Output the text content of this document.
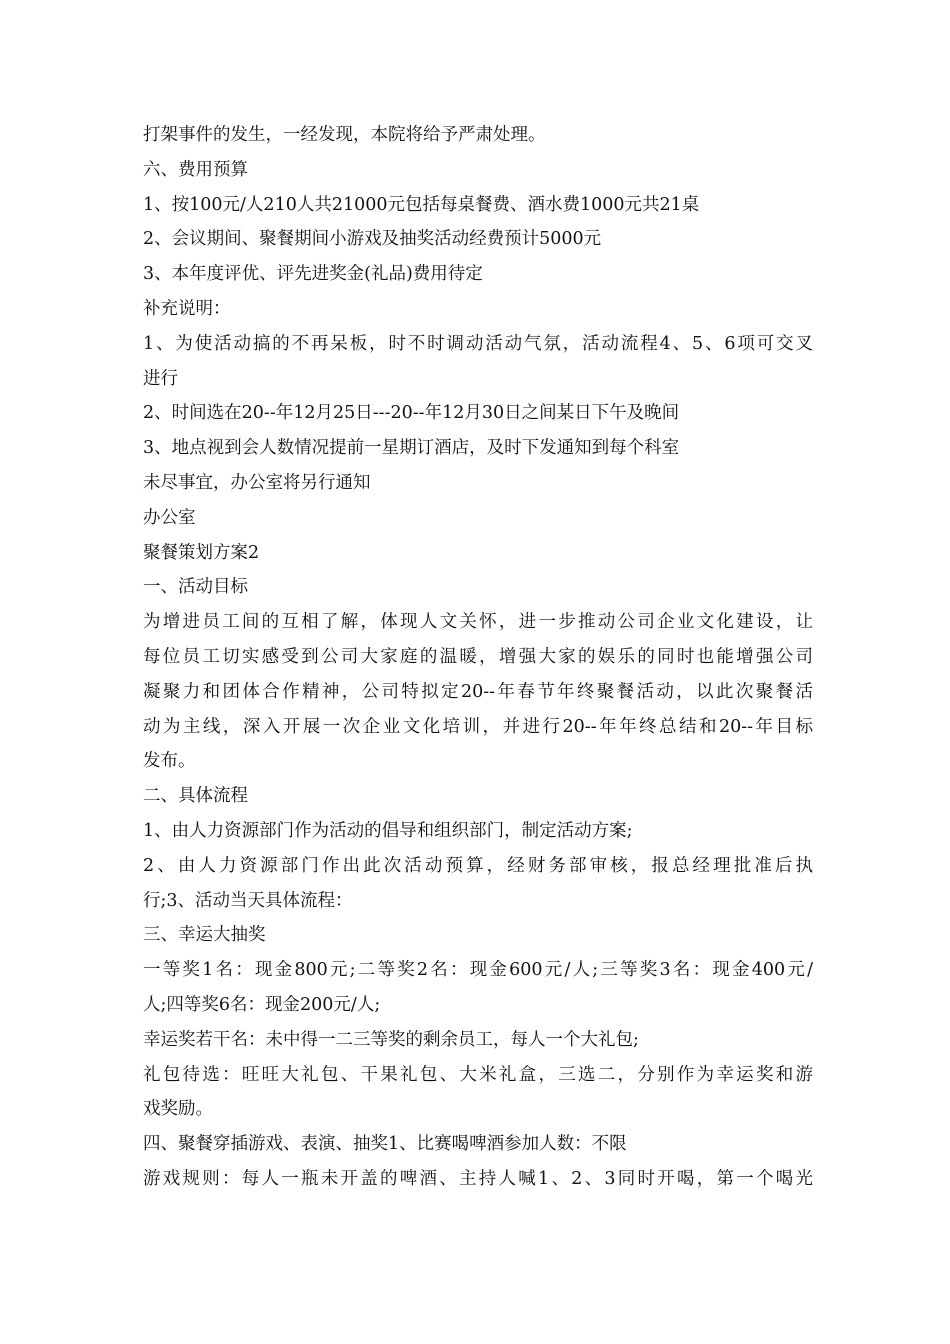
打架事件的发生，一经发现，本院将给予严肃处理。
六、费用预算
1、按100元/人210人共21000元包括每桌餐费、酒水费1000元共21桌
2、会议期间、聚餐期间小游戏及抽奖活动经费预计5000元
3、本年度评优、评先进奖金(礼品)费用待定
补充说明：
1、为使活动搞的不再呆板，时不时调动活动气氛，活动流程4、5、6项可交叉
进行
2、时间选在20--年12月25日---20--年12月30日之间某日下午及晚间
3、地点视到会人数情况提前一星期订酒店，及时下发通知到每个科室
未尽事宜，办公室将另行通知
办公室
聚餐策划方案2
一、活动目标
为增进员工间的互相了解，体现人文关怀，进一步推动公司企业文化建设，让
每位员工切实感受到公司大家庭的温暖，增强大家的娱乐的同时也能增强公司
凝聚力和团体合作精神，公司特拟定20--年春节年终聚餐活动，以此次聚餐活
动为主线，深入开展一次企业文化培训，并进行20--年年终总结和20--年目标
发布。
二、具体流程
1、由人力资源部门作为活动的倡导和组织部门，制定活动方案;
2、由人力资源部门作出此次活动预算，经财务部审核，报总经理批准后执
行;3、活动当天具体流程：
三、幸运大抽奖
一等奖1名：现金800元;二等奖2名：现金600元/人;三等奖3名：现金400元/
人;四等奖6名：现金200元/人;
幸运奖若干名：未中得一二三等奖的剩余员工，每人一个大礼包;
礼包待选：旺旺大礼包、干果礼包、大米礼盒，三选二，分别作为幸运奖和游
戏奖励。
四、聚餐穿插游戏、表演、抽奖1、比赛喝啤酒参加人数：不限
游戏规则：每人一瓶未开盖的啤酒、主持人喊1、2、3同时开喝，第一个喝光
